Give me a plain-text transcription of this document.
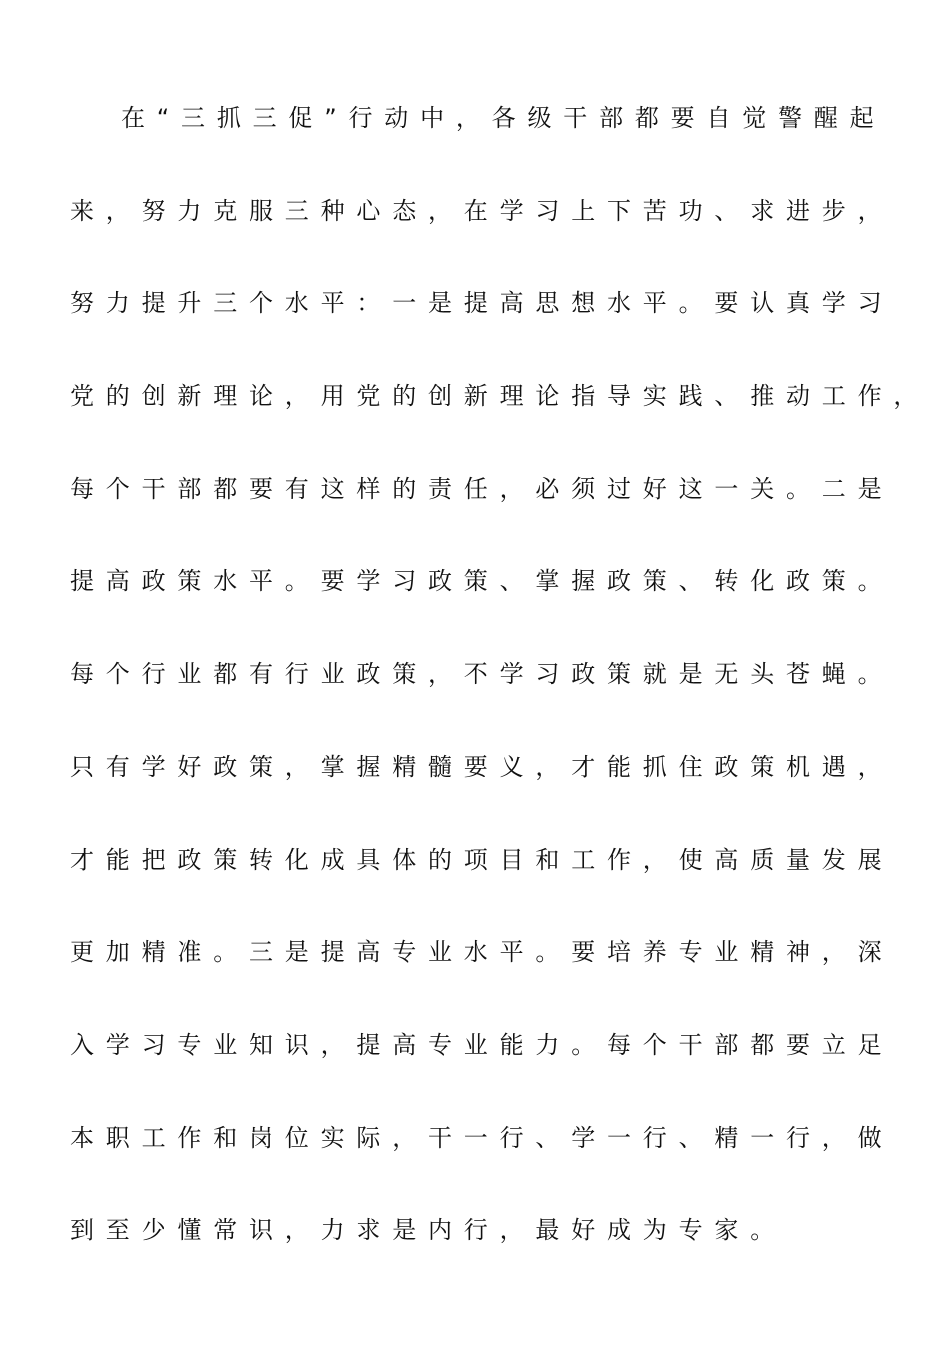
在“三抓三促”行动中，各级干部都要自觉警醒起
来，努力克服三种心态，在学习上下苦功、求进步，
努力提升三个水平：一是提高思想水平。要认真学习
党的创新理论，用党的创新理论指导实践、推动工作，
每个干部都要有这样的责任，必须过好这一关。二是
提高政策水平。要学习政策、掌握政策、转化政策。
每个行业都有行业政策，不学习政策就是无头苍蝇。
只有学好政策，掌握精髓要义，才能抓住政策机遇，
才能把政策转化成具体的项目和工作，使高质量发展
更加精准。三是提高专业水平。要培养专业精神，深
入学习专业知识，提高专业能力。每个干部都要立足
本职工作和岗位实际，干一行、学一行、精一行，做
到至少懂常识，力求是内行，最好成为专家。
